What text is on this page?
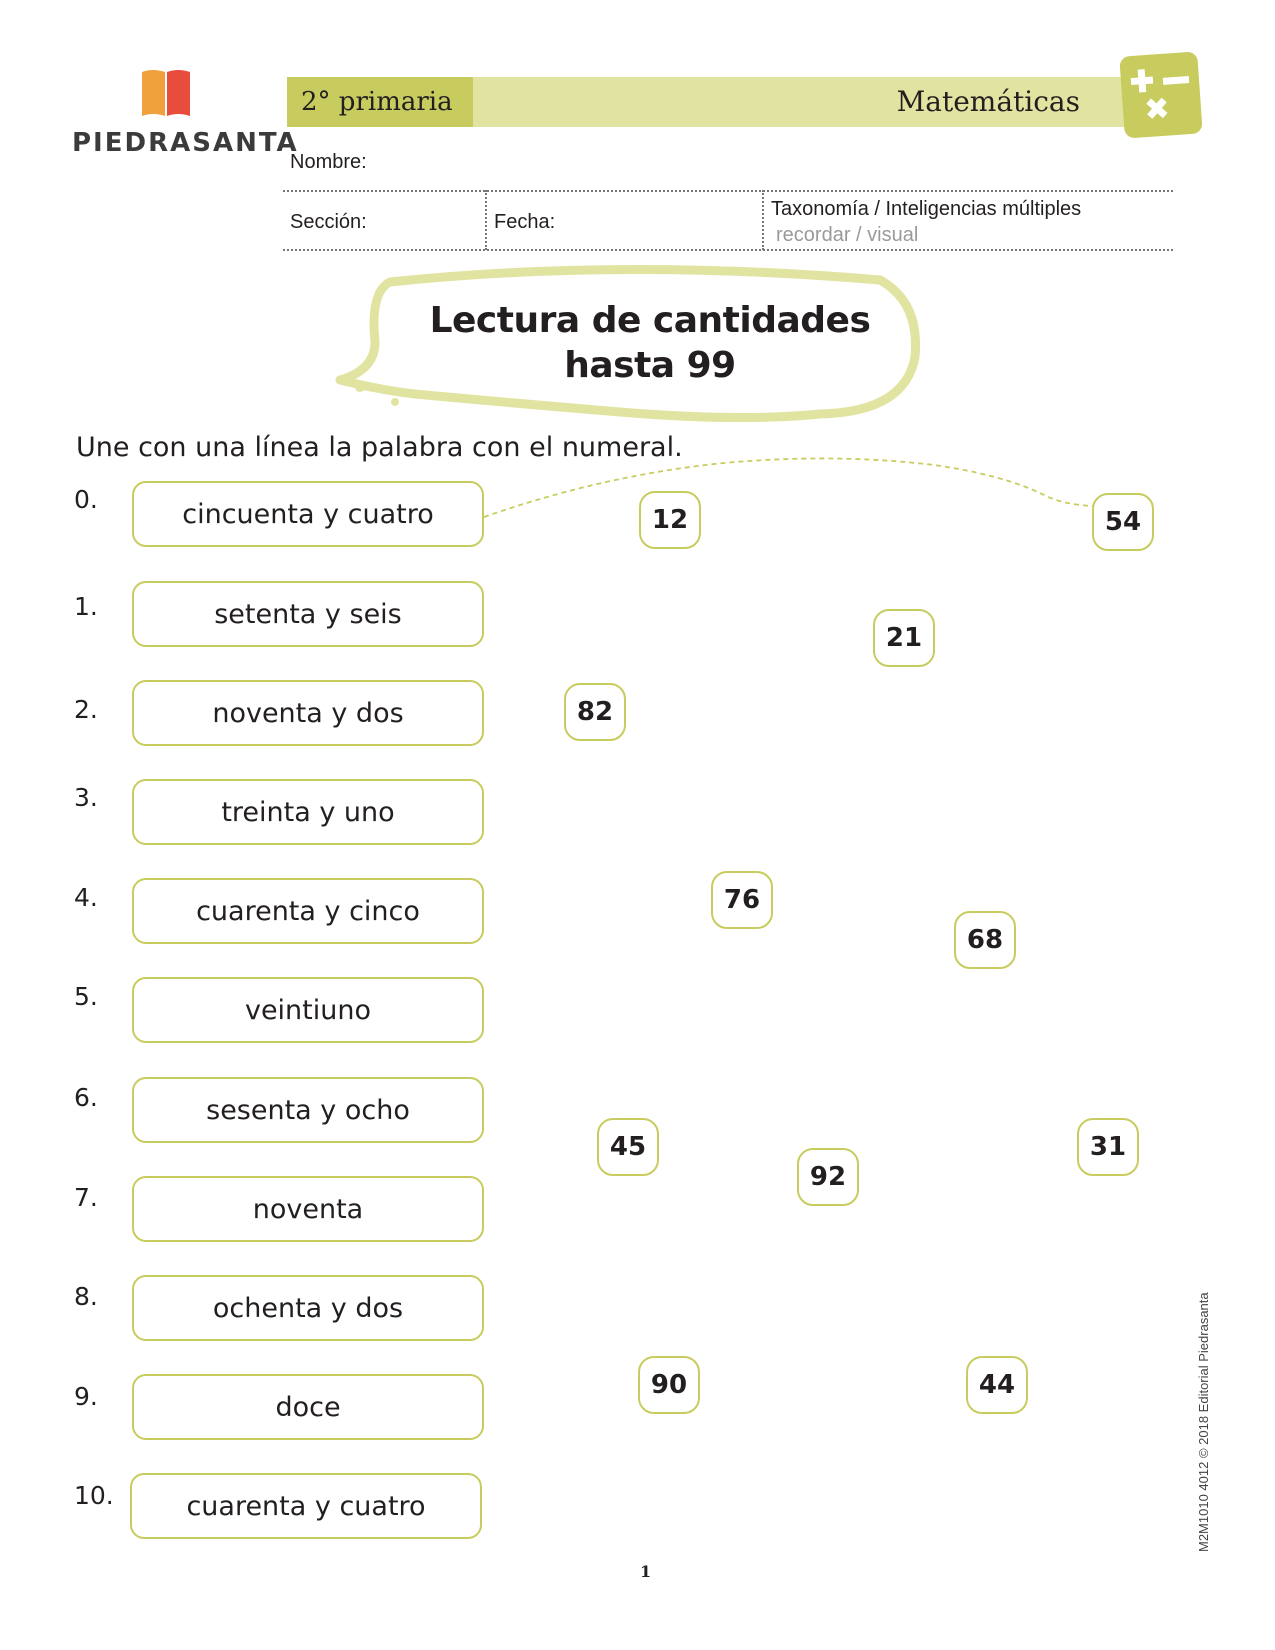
PIEDRASANTA
2° primaria	Matemáticas
Nombre:
Sección:	Fecha:
Taxonomía / Inteligencias múltiples
recordar / visual
Lectura de cantidades
hasta 99
Une con una línea la palabra con el numeral.
0.	cincuenta y cuatro
1.	setenta y seis
2.	noventa y dos
3.	treinta y uno
4.	cuarenta y cinco
5.	veintiuno
6.	sesenta y ocho
7.	noventa
8.	ochenta y dos
9.	doce
10.	cuarenta y cuatro
12	54
21
82
76
68
45
92
31
90	44
1
M2M1010 4012 © 2018 Editorial Piedrasanta
